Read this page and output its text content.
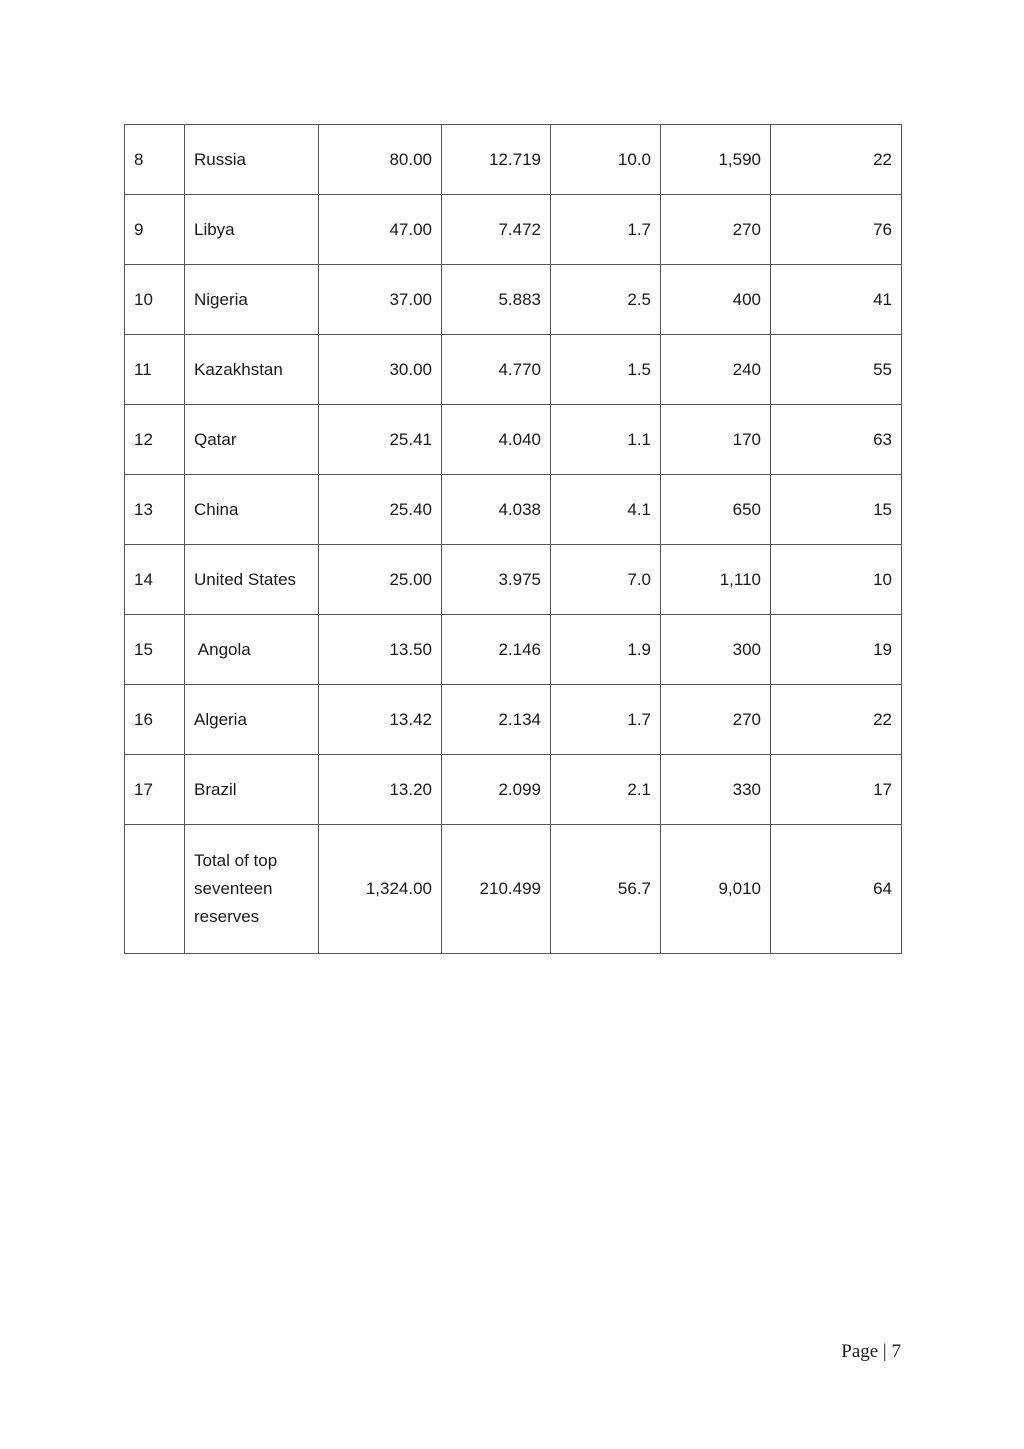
8	Russia	80.00	12.719	10.0	1,590	22
9	Libya	47.00	7.472	1.7	270	76
10	Nigeria	37.00	5.883	2.5	400	41
11	Kazakhstan	30.00	4.770	1.5	240	55
12	Qatar	25.41	4.040	1.1	170	63
13	China	25.40	4.038	4.1	650	15
14	United States	25.00	3.975	7.0	1,110	10
15	Angola	13.50	2.146	1.9	300	19
16	Algeria	13.42	2.134	1.7	270	22
17	Brazil	13.20	2.099	2.1	330	17
	Total of top seventeen reserves	1,324.00	210.499	56.7	9,010	64
Page | 7
